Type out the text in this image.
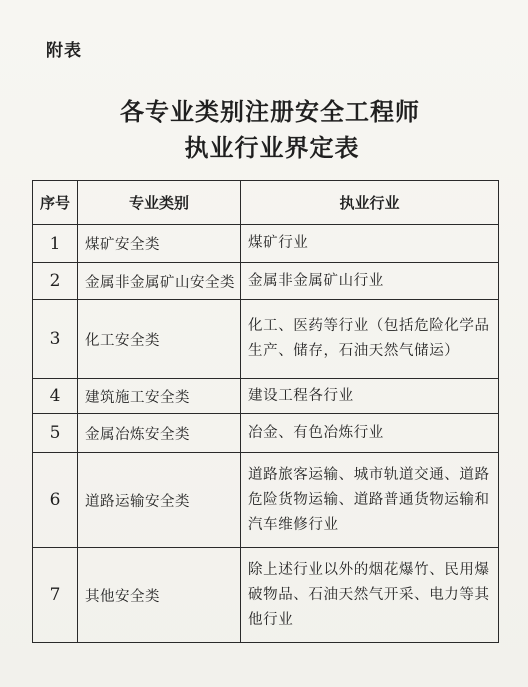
附表
各专业类别注册安全工程师
执业行业界定表
序号	专业类别	执业行业
1	煤矿安全类	煤矿行业
2	金属非金属矿山安全类	金属非金属矿山行业
3	化工安全类	化工、医药等行业（包括危险化学品生产、储存，石油天然气储运）
4	建筑施工安全类	建设工程各行业
5	金属冶炼安全类	冶金、有色冶炼行业
6	道路运输安全类	道路旅客运输、城市轨道交通、道路危险货物运输、道路普通货物运输和汽车维修行业
7	其他安全类	除上述行业以外的烟花爆竹、民用爆破物品、石油天然气开采、电力等其他行业
